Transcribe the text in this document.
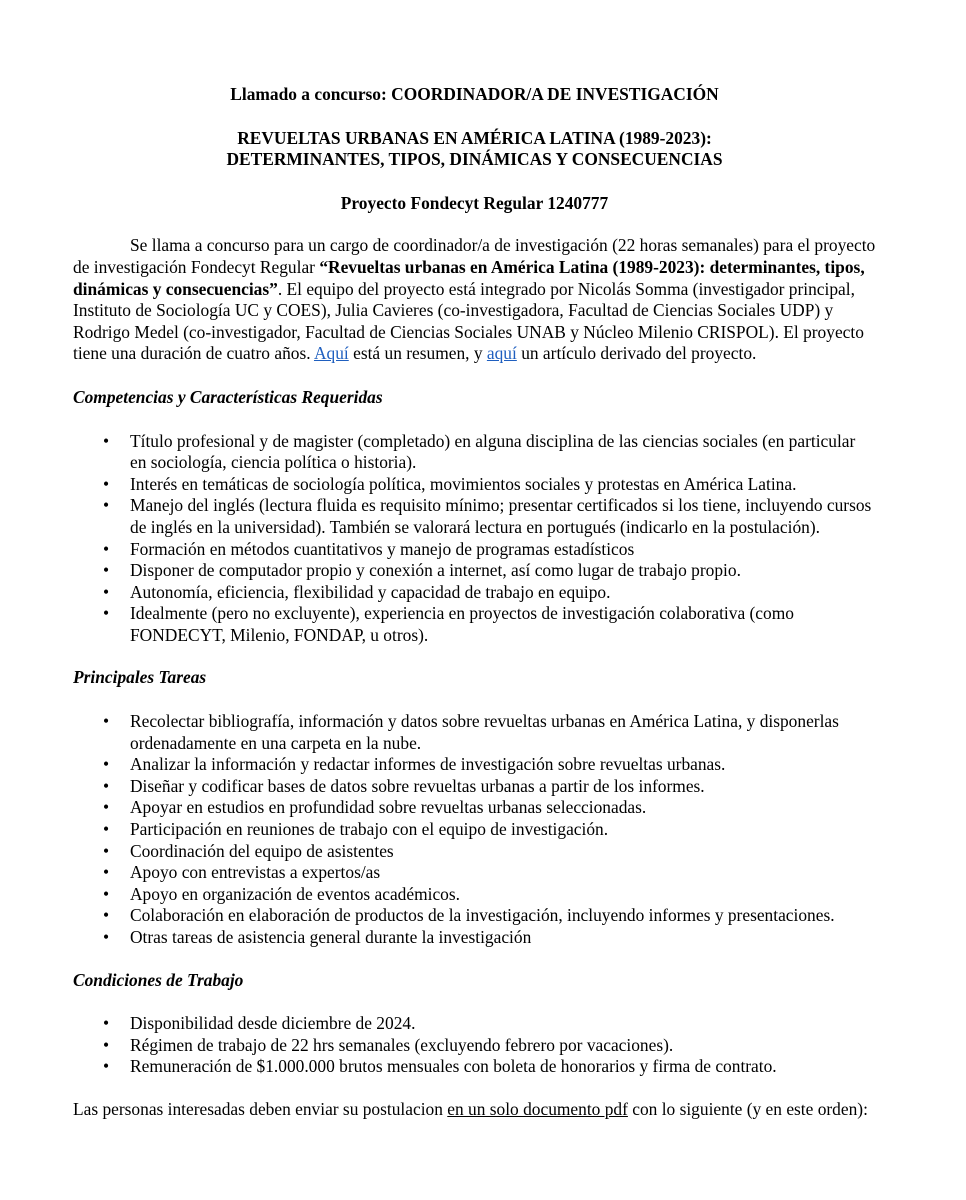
Llamado a concurso: COORDINADOR/A DE INVESTIGACIÓN

REVUELTAS URBANAS EN AMÉRICA LATINA (1989-2023):
DETERMINANTES, TIPOS, DINÁMICAS Y CONSECUENCIAS

Proyecto Fondecyt Regular 1240777

Se llama a concurso para un cargo de coordinador/a de investigación (22 horas semanales) para el proyecto de investigación Fondecyt Regular “Revueltas urbanas en América Latina (1989-2023): determinantes, tipos, dinámicas y consecuencias”. El equipo del proyecto está integrado por Nicolás Somma (investigador principal, Instituto de Sociología UC y COES), Julia Cavieres (co-investigadora, Facultad de Ciencias Sociales UDP) y Rodrigo Medel (co-investigador, Facultad de Ciencias Sociales UNAB y Núcleo Milenio CRISPOL). El proyecto tiene una duración de cuatro años. Aquí está un resumen, y aquí un artículo derivado del proyecto.

Competencias y Características Requeridas

• Título profesional y de magister (completado) en alguna disciplina de las ciencias sociales (en particular en sociología, ciencia política o historia).
• Interés en temáticas de sociología política, movimientos sociales y protestas en América Latina.
• Manejo del inglés (lectura fluida es requisito mínimo; presentar certificados si los tiene, incluyendo cursos de inglés en la universidad). También se valorará lectura en portugués (indicarlo en la postulación).
• Formación en métodos cuantitativos y manejo de programas estadísticos
• Disponer de computador propio y conexión a internet, así como lugar de trabajo propio.
• Autonomía, eficiencia, flexibilidad y capacidad de trabajo en equipo.
• Idealmente (pero no excluyente), experiencia en proyectos de investigación colaborativa (como FONDECYT, Milenio, FONDAP, u otros).

Principales Tareas

• Recolectar bibliografía, información y datos sobre revueltas urbanas en América Latina, y disponerlas ordenadamente en una carpeta en la nube.
• Analizar la información y redactar informes de investigación sobre revueltas urbanas.
• Diseñar y codificar bases de datos sobre revueltas urbanas a partir de los informes.
• Apoyar en estudios en profundidad sobre revueltas urbanas seleccionadas.
• Participación en reuniones de trabajo con el equipo de investigación.
• Coordinación del equipo de asistentes
• Apoyo con entrevistas a expertos/as
• Apoyo en organización de eventos académicos.
• Colaboración en elaboración de productos de la investigación, incluyendo informes y presentaciones.
• Otras tareas de asistencia general durante la investigación

Condiciones de Trabajo

• Disponibilidad desde diciembre de 2024.
• Régimen de trabajo de 22 hrs semanales (excluyendo febrero por vacaciones).
• Remuneración de $1.000.000 brutos mensuales con boleta de honorarios y firma de contrato.

Las personas interesadas deben enviar su postulacion en un solo documento pdf con lo siguiente (y en este orden):
